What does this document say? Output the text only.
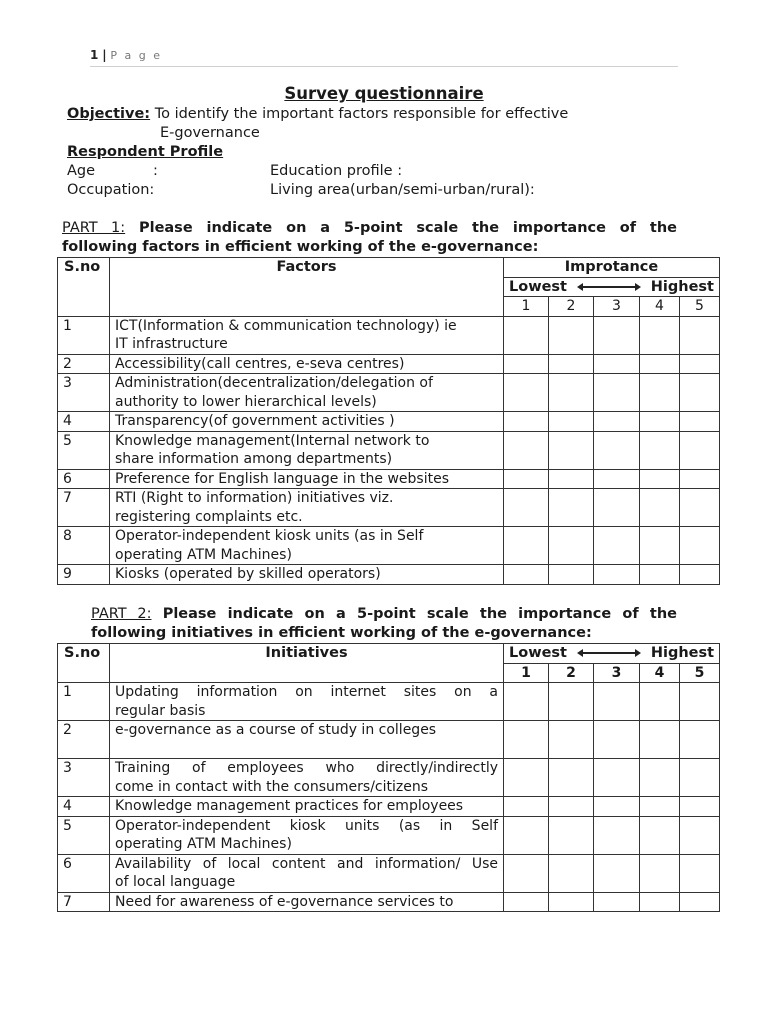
1 | P a g e
Survey questionnaire
Objective: To identify the important factors responsible for effective
E-governance
Respondent Profile
Age	:	Education profile :
Occupation:	Living area(urban/semi-urban/rural):
PART 1: Please indicate on a 5-point scale the importance of the
following factors in efficient working of the e-governance:
S.no	Factors	Improtance				

		Lowest Highest				

		1	2	3	4	5
1	ICT(Information & communication technology) ie
IT infrastructure					

2	Accessibility(call centres, e-seva centres)					

3	Administration(decentralization/delegation of
authority to lower hierarchical levels)					

4	Transparency(of government activities )					

5	Knowledge management(Internal network to
share information among departments)					

6	Preference for English language in the websites					

7	RTI (Right to information) initiatives viz.
registering complaints etc.					

8	Operator-independent kiosk units (as in Self
operating ATM Machines)					

9	Kiosks (operated by skilled operators)					

PART 2: Please indicate on a 5-point scale the importance of the
following initiatives in efficient working of the e-governance:
S.no	Initiatives	Lowest Highest				

		1	2	3	4	5
1	Updating information on internet sites on a
regular basis					

2	e-governance as a course of study in colleges					

3	Training of employees who directly/indirectly
come in contact with the consumers/citizens					

4	Knowledge management practices for employees					

5	Operator-independent kiosk units (as in Self
operating ATM Machines)					

6	Availability of local content and information/ Use
of local language					

7	Need for awareness of e-governance services to					
